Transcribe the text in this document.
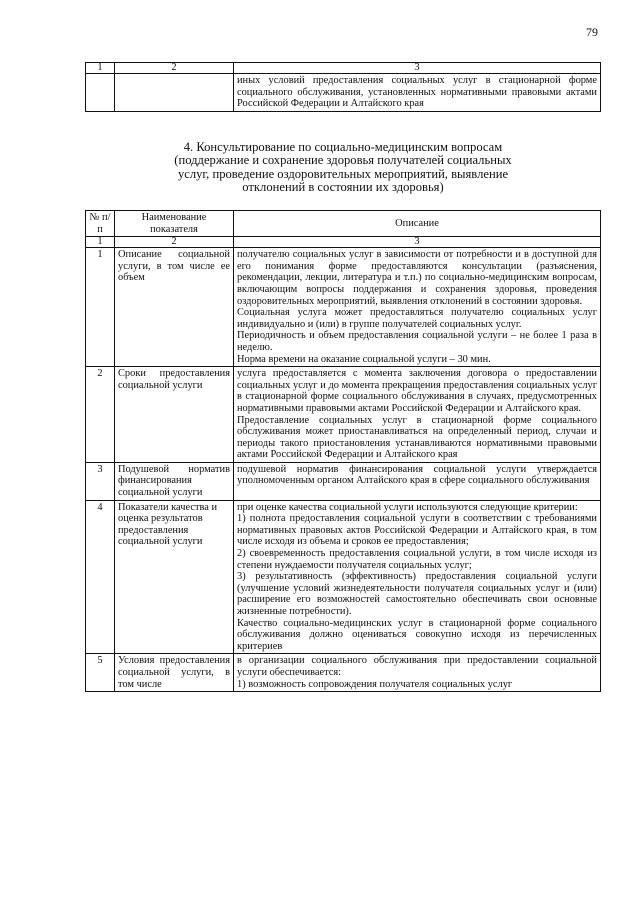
79
1	2	3
		иных условий предоставления социальных услуг в стационарной форме социального обслуживания, установленных нормативными правовыми актами Российской Федерации и Алтайского края
4. Консультирование по социально-медицинским вопросам
(поддержание и сохранение здоровья получателей социальных
услуг, проведение оздоровительных мероприятий, выявление
отклонений в состоянии их здоровья)
№ п/п	Наименование показателя	Описание
1	2	3
1	Описание социальной услуги, в том числе ее объем	получателю социальных услуг в зависимости от потребности и в доступной для его понимания форме предоставляются консультации (разъяснения, рекомендации, лекции, литература и т.п.) по социально-медицинским вопросам, включающим вопросы поддержания и сохранения здоровья, проведения оздоровительных мероприятий, выявления отклонений в состоянии здоровья.
Социальная услуга может предоставляться получателю социальных услуг индивидуально и (или) в группе получателей социальных услуг.
Периодичность и объем предоставления социальной услуги – не более 1 раза в неделю.
Норма времени на оказание социальной услуги – 30 мин.

2	Сроки предоставления социальной услуги	услуга предоставляется с момента заключения договора о предоставлении социальных услуг и до момента прекращения предоставления социальных услуг в стационарной форме социального обслуживания в случаях, предусмотренных нормативными правовыми актами Российской Федерации и Алтайского края.
Предоставление социальных услуг в стационарной форме социального обслуживания может приостанавливаться на определенный период, случаи и периоды такого приостановления устанавливаются нормативными правовыми актами Российской Федерации и Алтайского края

3	Подушевой норматив финансирования социальной услуги	подушевой норматив финансирования социальной услуги утверждается уполномоченным органом Алтайского края в сфере социального обслуживания

4	Показатели качества и оценка результатов предоставления социальной услуги	при оценке качества социальной услуги используются следующие критерии:
1) полнота предоставления социальной услуги в соответствии с требованиями нормативных правовых актов Российской Федерации и Алтайского края, в том числе исходя из объема и сроков ее предоставления;
2) своевременность предоставления социальной услуги, в том числе исходя из степени нуждаемости получателя социальных услуг;
3) результативность (эффективность) предоставления социальной услуги (улучшение условий жизнедеятельности получателя социальных услуг и (или) расширение его возможностей самостоятельно обеспечивать свои основные жизненные потребности).
Качество социально-медицинских услуг в стационарной форме социального обслуживания должно оцениваться совокупно исходя из перечисленных критериев

5	Условия предоставления социальной услуги, в том числе	в организации социального обслуживания при предоставлении социальной услуги обеспечивается:
1) возможность сопровождения получателя социальных услуг
